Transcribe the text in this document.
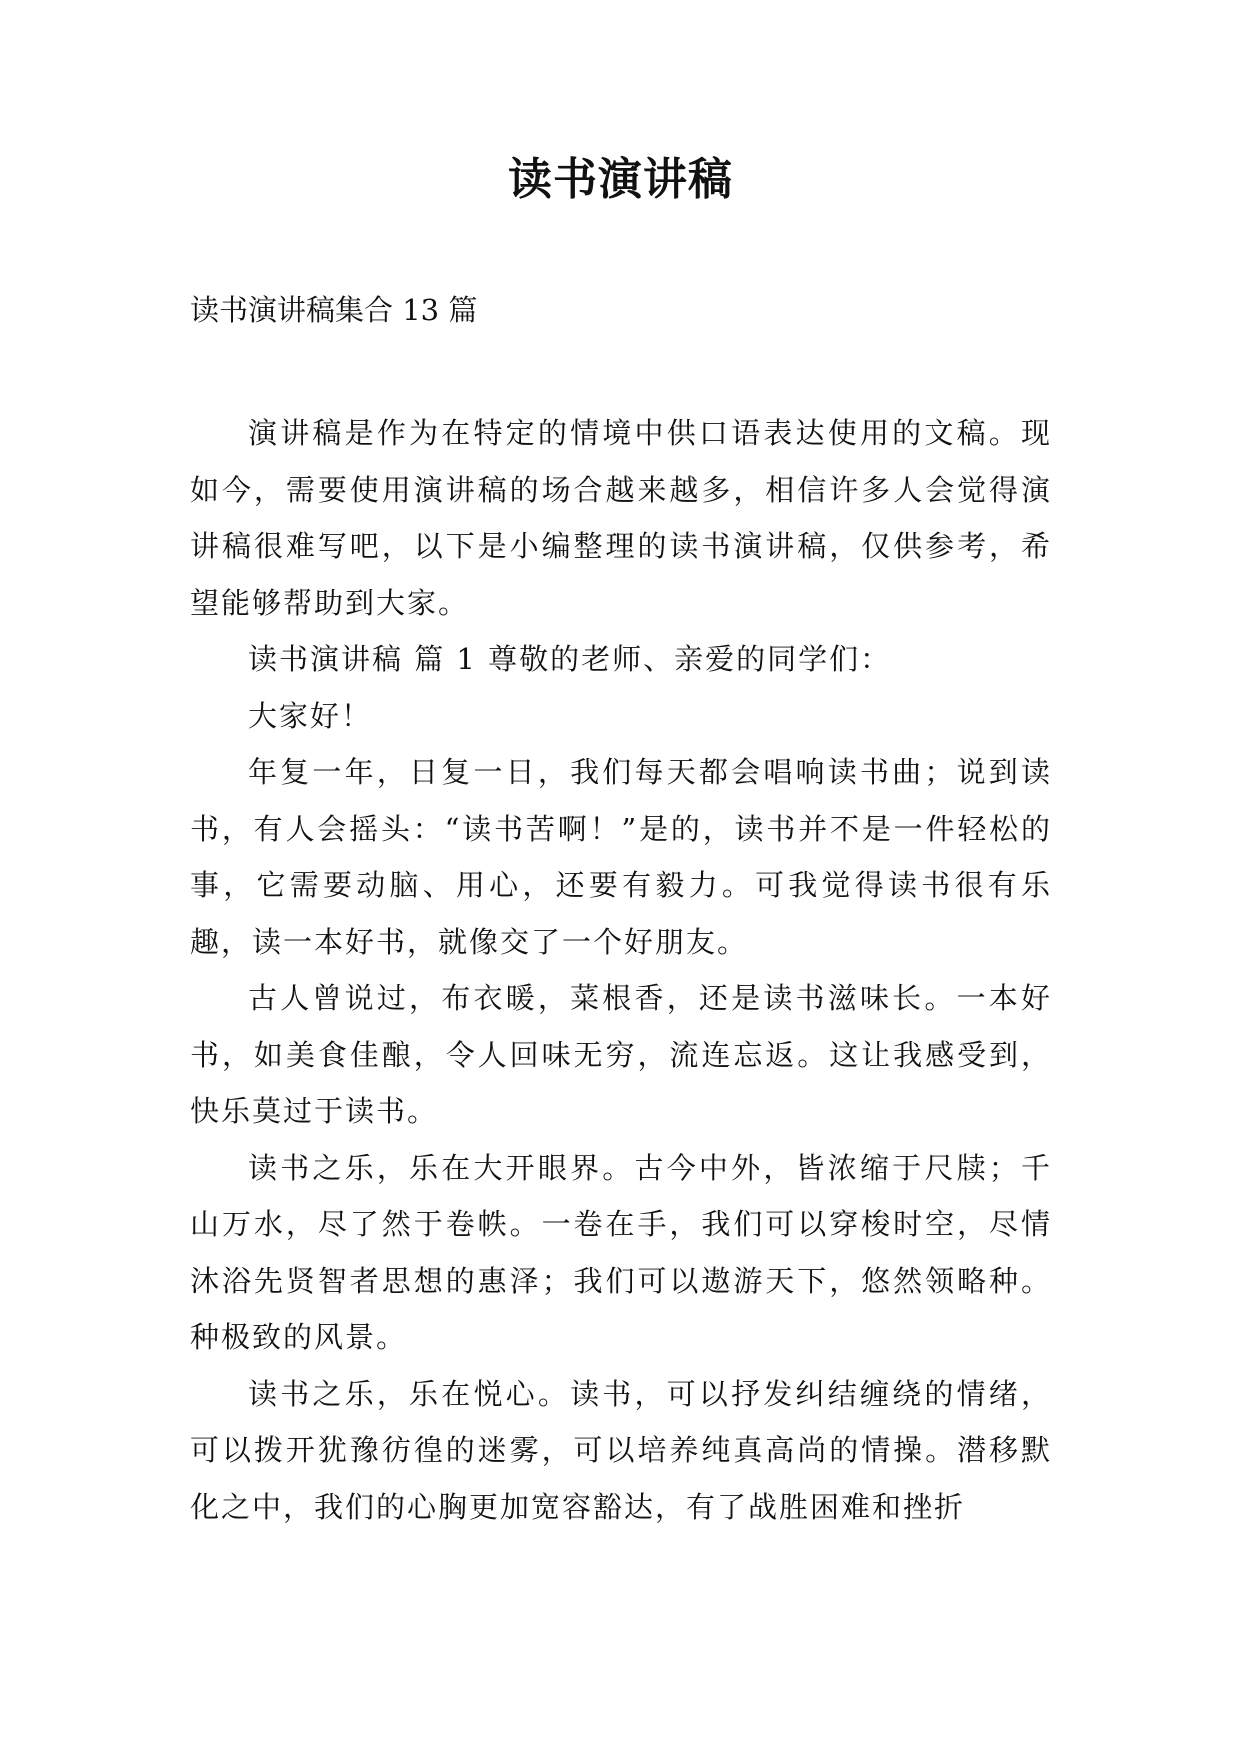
读书演讲稿
读书演讲稿集合 13 篇

演讲稿是作为在特定的情境中供口语表达使用的文稿。现如今，需要使用演讲稿的场合越来越多，相信许多人会觉得演讲稿很难写吧，以下是小编整理的读书演讲稿，仅供参考，希望能够帮助到大家。

读书演讲稿 篇 1 尊敬的老师、亲爱的同学们：

大家好！

年复一年，日复一日，我们每天都会唱响读书曲；说到读书，有人会摇头：“读书苦啊！”是的，读书并不是一件轻松的事，它需要动脑、用心，还要有毅力。可我觉得读书很有乐趣，读一本好书，就像交了一个好朋友。

古人曾说过，布衣暖，菜根香，还是读书滋味长。一本好书，如美食佳酿，令人回味无穷，流连忘返。这让我感受到，快乐莫过于读书。

读书之乐，乐在大开眼界。古今中外，皆浓缩于尺牍；千山万水，尽了然于卷帙。一卷在手，我们可以穿梭时空，尽情沐浴先贤智者思想的惠泽；我们可以遨游天下，悠然领略种。种极致的风景。

读书之乐，乐在悦心。读书，可以抒发纠结缠绕的情绪，可以拨开犹豫彷徨的迷雾，可以培养纯真高尚的情操。潜移默化之中，我们的心胸更加宽容豁达，有了战胜困难和挫折
